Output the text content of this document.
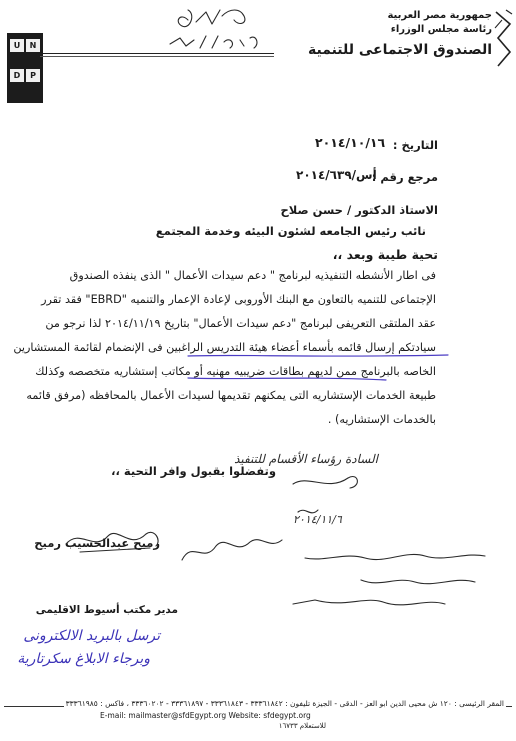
U	N
D	P
جمهورية مصر العربية
رئاسة مجلس الوزراء
الصندوق الاجتماعى للتنمية
التاريخ :
٢٠١٤/١٠/١٦
مرجع رقم :
أس/٢٠١٤/٦٣٩
الاستاذ الدكتور / حسن صلاح
نائب رئيس الجامعه لشئون البيئه وخدمة المجتمع
تحية طيبة وبعد ،،
فى اطار الأنشطه التنفيذيه لبرنامج " دعم سيدات الأعمال " الذى ينفذه الصندوق
الإجتماعى للتنميه بالتعاون مع البنك الأوروبى لإعادة الإعمار والتنميه "EBRD" فقد تقرر
عقد الملتقى التعريفى لبرنامج "دعم سيدات الأعمال" بتاريخ ٢٠١٤/١١/١٩ لذا نرجو من
سيادتكم إرسال قائمه بأسماء أعضاء هيئة التدريس الراغبين فى الإنضمام لقائمة المستشارين
الخاصه بالبرنامج ممن لديهم بطاقات ضريبيه مهنيه أو مكاتب إستشاريه متخصصه وكذلك
طبيعة الخدمات الإستشاريه التى يمكنهم تقديمها لسيدات الأعمال بالمحافظه (مرفق قائمه
بالخدمات الإستشاريه) .
وتفضلوا بقبول وافر التحية ،،
السادة رؤساء الأقسام للتنفيذ
٢٠١٤/١١/٦
رميح عبدالحسيب رميح
مدير مكتب أسيوط الاقليمى
ترسل بالبريد الالكترونى
وبرجاء الابلاغ سكرتارية
المقر الرئيسى : ١٢٠ ش محيى الدين ابو العز - الدقى - الجيزة تليفون : ٣٣٣٦١٨٤٢ - ٣٣٣٦١٨٤٣ - ٣٣٣٦١٨٩٧ - ٣٣٣٦٠٢٠٢ ، فاكس : ٣٣٣٦١٩٨٥
E-mail: mailmaster@sfdEgypt.org Website: sfdegypt.org
للاستعلام ١٦٧٣٣
